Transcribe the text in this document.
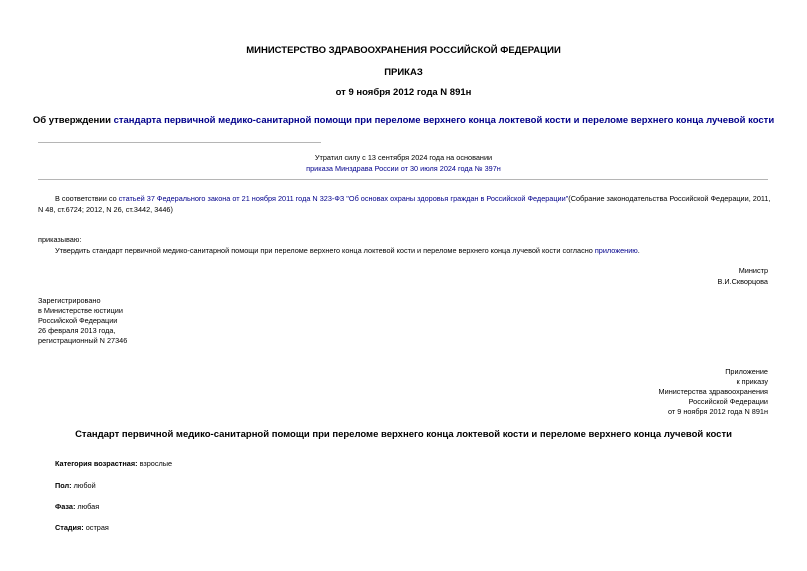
МИНИСТЕРСТВО ЗДРАВООХРАНЕНИЯ РОССИЙСКОЙ ФЕДЕРАЦИИ
ПРИКАЗ
от 9 ноября 2012 года N 891н
Об утверждении стандарта первичной медико-санитарной помощи при переломе верхнего конца локтевой кости и переломе верхнего конца лучевой кости
Утратил силу с 13 сентября 2024 года на основании
приказа Минздрава России от 30 июля 2024 года № 397н
В соответствии со статьей 37 Федерального закона от 21 ноября 2011 года N 323-ФЗ "Об основах охраны здоровья граждан в Российской Федерации"(Собрание законодательства Российской Федерации, 2011,
N 48, ст.6724; 2012, N 26, ст.3442, 3446)
приказываю:
Утвердить стандарт первичной медико-санитарной помощи при переломе верхнего конца локтевой кости и переломе верхнего конца лучевой кости согласно приложению.
Министр
В.И.Скворцова
Зарегистрировано
в Министерстве юстиции
Российской Федерации
26 февраля 2013 года,
регистрационный N 27346
Приложение
к приказу
Министерства здравоохранения
Российской Федерации
от 9 ноября 2012 года N 891н
Стандарт первичной медико-санитарной помощи при переломе верхнего конца локтевой кости и переломе верхнего конца лучевой кости
Категория возрастная: взрослые
Пол: любой
Фаза: любая
Стадия: острая
